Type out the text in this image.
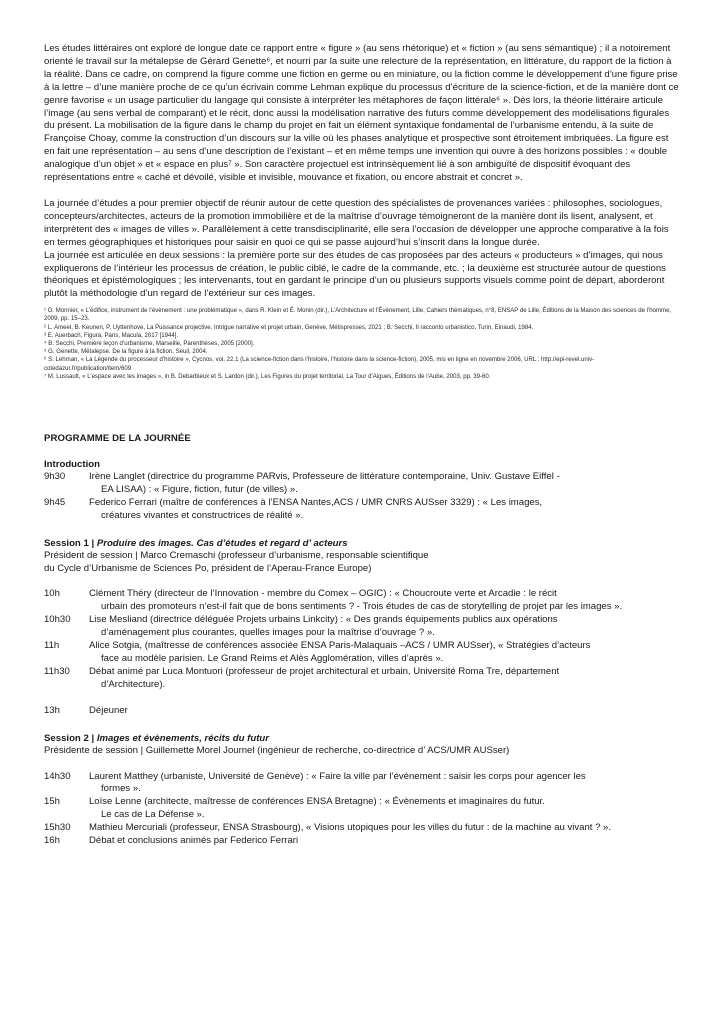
Les études littéraires ont exploré de longue date ce rapport entre « figure » (au sens rhétorique) et « fiction » (au sens sémantique) ; il a notoirement orienté le travail sur la métalepse de Gérard Genette⁶, et nourri par la suite une relecture de la représentation, en littérature, du rapport de la fiction à la réalité. Dans ce cadre, on comprend la figure comme une fiction en germe ou en miniature, ou la fiction comme le développement d’une figure prise à la lettre – d’une manière proche de ce qu’un écrivain comme Lehman explique du processus d’écriture de la science-fiction, et de la manière dont ce genre favorise « un usage particulier du langage qui consiste à interpréter les métaphores de façon littérale⁶ ». Dès lors, la théorie littéraire articule l’image (au sens verbal de comparant) et le récit, donc aussi la modélisation narrative des futurs comme développement des modélisations figurales du présent. La mobilisation de la figure dans le champ du projet en fait un élément syntaxique fondamental de l’urbanisme entendu, à la suite de Françoise Choay, comme la construction d’un discours sur la ville où les phases analytique et prospective sont étroitement imbriquées. La figure est en fait une représentation – au sens d’une description de l’existant – et en même temps une invention qui ouvre à des horizons possibles : « double analogique d’un objet » et « espace en plus⁷ ». Son caractère projectuel est intrinsèquement lié à son ambiguïté de dispositif évoquant des représentations entre « caché et dévoilé, visible et invisible, mouvance et fixation, ou encore abstrait et concret ».

La journée d’études a pour premier objectif de réunir autour de cette question des spécialistes de provenances variées : philosophes, sociologues, concepteurs/architectes, acteurs de la promotion immobilière et de la maîtrise d’ouvrage témoigneront de la manière dont ils lisent, analysent, et interprètent des « images de villes ». Parallèlement à cette transdisciplinarité, elle sera l’occasion de développer une approche comparative à la fois en termes géographiques et historiques pour saisir en quoi ce qui se passe aujourd’hui s’inscrit dans la longue durée.

La journée est articulée en deux sessions : la première porte sur des études de cas proposées par des acteurs « producteurs » d’images, qui nous expliquerons de l’intérieur les processus de création, le public ciblé, le cadre de la commande, etc. ; la deuxième est structurée autour de questions théoriques et épistémologiques ; les intervenants, tout en gardant le principe d’un ou plusieurs supports visuels comme point de départ, aborderont plutôt la méthodologie d’un regard de l’extérieur sur ces images.

¹ G. Monnier, « L’édifice, instrument de l’évènement : une problématique », dans R. Klein et É. Monin (dir.), L’Architecture et l’Évènement, Lille, Cahiers thématiques, n°8, ENSAP de Lille, Éditions de la Maison des sciences de l’homme, 2009, pp. 15–23.
² L. Ameel, B. Keunen, P. Uyttenhove, La Puissance projective. Intrigue narrative et projet urbain, Genève, Métispresses, 2021 ; B. Secchi, Il racconto urbanistico, Turin, Einaudi, 1984.
³ E. Auerbach, Figura, Paris, Macula, 2017 [1944].
⁴ B. Secchi, Première leçon d’urbanisme, Marseille, Parenthèses, 2005 [2000].
⁵ G. Genette, Métalepse. De la figure à la fiction, Seuil, 2004.
⁶ S. Lehman, « La Légende du processeur d’histoire », Cycnos, vol. 22.1 (La science-fiction dans l’histoire, l’histoire dans la science-fiction), 2005, mis en ligne en novembre 2006, URL : http://epi-revel.univ-cotedazur.fr/publication/item/609
⁷ M. Lussault, « L’espace avec les images », in B. Debarbieux et S. Lardon (dir.), Les Figures du projet territorial, La Tour d’Aigues, Éditions de l’Aube, 2003, pp. 39-60.
PROGRAMME DE LA JOURNÉE
Introduction
9h30	Irène Langlet (directrice du programme PARvis, Professeure de littérature contemporaine, Univ. Gustave Eiffel -
EA LISAA) : « Figure, fiction, futur (de villes) ».
9h45	Federico Ferrari (maître de conférences à l’ENSA Nantes,ACS / UMR CNRS AUSser 3329) : « Les images,
créatures vivantes et constructrices de réalité ».
Session 1 | Produire des images. Cas d’études et regard d’ acteurs
Président de session | Marco Cremaschi (professeur d’urbanisme, responsable scientifique
du Cycle d’Urbanisme de Sciences Po, président de l’Aperau-France Europe)
10h	Clément Théry (directeur de l’Innovation - membre du Comex – OGIC) : « Choucroute verte et Arcadie : le récit
urbain des promoteurs n’est-il fait que de bons sentiments ? - Trois études de cas de storytelling de projet par les images ».
10h30	Lise Mesliand (directrice déléguée Projets urbains Linkcity) : « Des grands équipements publics aux opérations
d’aménagement plus courantes, quelles images pour la maîtrise d’ouvrage ? ».
11h	Alice Sotgia, (maîtresse de conférences associée ENSA Paris-Malaquais –ACS / UMR AUSser), « Stratégies d’acteurs
face au modèle parisien. Le Grand Reims et Alès Agglomération, villes d’après ».
11h30	Débat animé par Luca Montuori (professeur de projet architectural et urbain, Université Roma Tre, département
d’Architecture).
13h	Déjeuner
Session 2 | Images et évènements, récits du futur
Présidente de session | Guillemette Morel Journel (ingénieur de recherche, co-directrice d’ ACS/UMR AUSser)
14h30	Laurent Matthey (urbaniste, Université de Genève) : « Faire la ville par l’évènement : saisir les corps pour agencer les
formes ».
15h	Loïse Lenne (architecte, maîtresse de conférences ENSA Bretagne) : « Évènements et imaginaires du futur.
Le cas de La Défense ».
15h30	Mathieu Mercuriali (professeur, ENSA Strasbourg), « Visions utopiques pour les villes du futur : de la machine au vivant ? ».
16h	Débat et conclusions animés par Federico Ferrari
